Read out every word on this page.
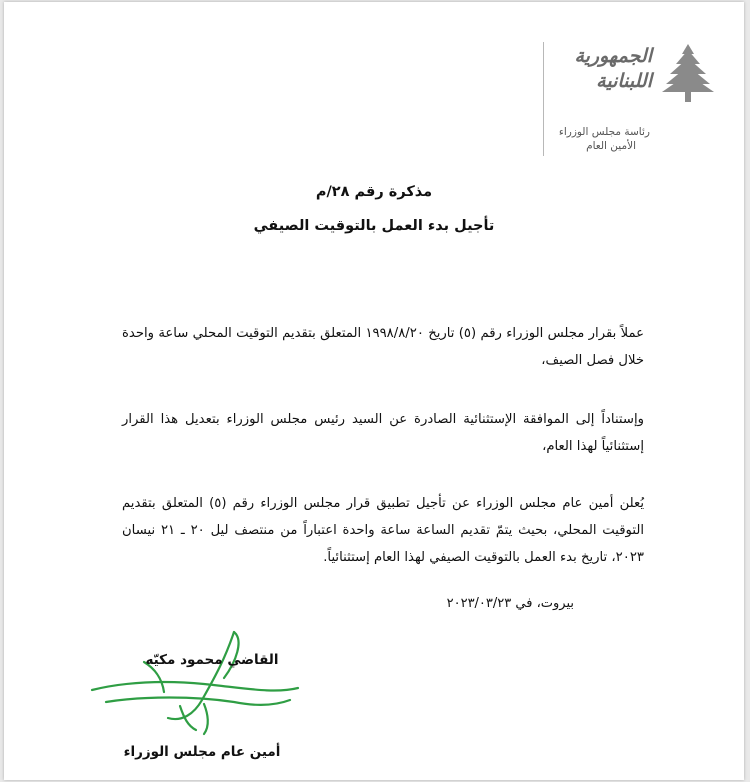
الجمهورية
اللبنانية
رئاسة مجلس الوزراء
الأمين العام
مذكرة رقم ٢٨/م
تأجيل بدء العمل بالتوقيت الصيفي
عملاً بقرار مجلس الوزراء رقم (٥) تاريخ ١٩٩٨/٨/٢٠ المتعلق بتقديم التوقيت المحلي ساعة واحدة خلال فصل الصيف،
وإستناداً إلى الموافقة الإستثنائية الصادرة عن السيد رئيس مجلس الوزراء بتعديل هذا القرار إستثنائياً لهذا العام،
يُعلن أمين عام مجلس الوزراء عن تأجيل تطبيق قرار مجلس الوزراء رقم (٥) المتعلق بتقديم التوقيت المحلي، بحيث يتمّ تقديم الساعة ساعة واحدة اعتباراً من منتصف ليل ٢٠ ـ ٢١ نيسان ٢٠٢٣، تاريخ بدء العمل بالتوقيت الصيفي لهذا العام إستثنائياً.
بيروت، في ٢٠٢٣/٠٣/٢٣
القاضي محمود مكيّه
أمين عام مجلس الوزراء
